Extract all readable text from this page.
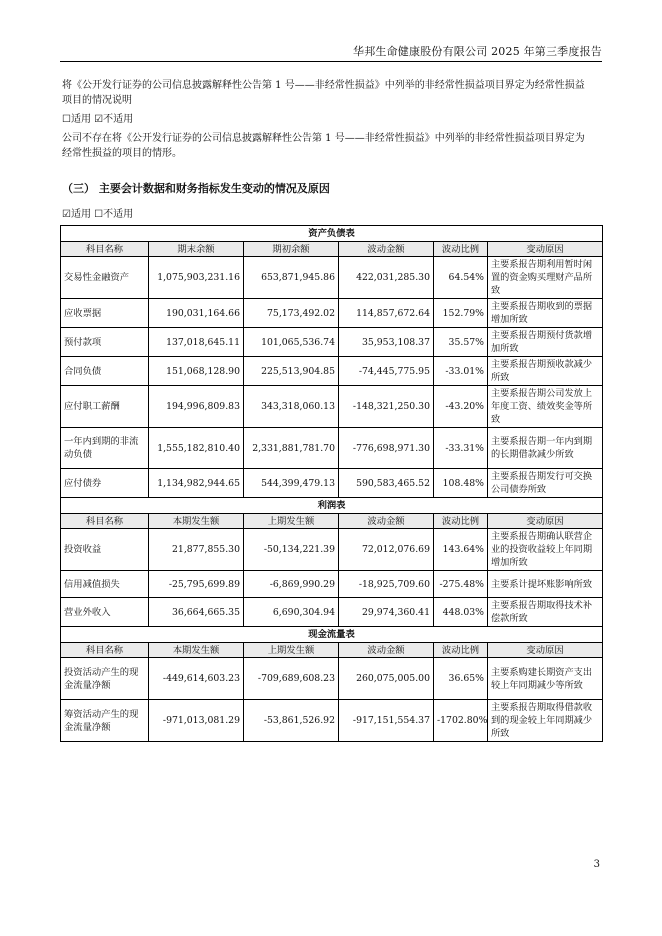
华邦生命健康股份有限公司 2025 年第三季度报告
将《公开发行证券的公司信息披露解释性公告第 1 号——非经常性损益》中列举的非经常性损益项目界定为经常性损益
项目的情况说明
☐适用 ☑不适用
公司不存在将《公开发行证券的公司信息披露解释性公告第 1 号——非经常性损益》中列举的非经常性损益项目界定为
经常性损益的项目的情形。
（三） 主要会计数据和财务指标发生变动的情况及原因
☑适用 ☐不适用
资产负债表					
科目名称	期末余额	期初余额	波动金额	波动比例	变动原因
交易性金融资产	1,075,903,231.16	653,871,945.86	422,031,285.30	64.54%	主要系报告期利用暂时闲置的资金购买理财产品所致
应收票据	190,031,164.66	75,173,492.02	114,857,672.64	152.79%	主要系报告期收到的票据增加所致
预付款项	137,018,645.11	101,065,536.74	35,953,108.37	35.57%	主要系报告期预付货款增加所致
合同负债	151,068,128.90	225,513,904.85	-74,445,775.95	-33.01%	主要系报告期预收款减少所致
应付职工薪酬	194,996,809.83	343,318,060.13	-148,321,250.30	-43.20%	主要系报告期公司发放上年度工资、绩效奖金等所致
一年内到期的非流动负债	1,555,182,810.40	2,331,881,781.70	-776,698,971.30	-33.31%	主要系报告期一年内到期的长期借款减少所致
应付债券	1,134,982,944.65	544,399,479.13	590,583,465.52	108.48%	主要系报告期发行可交换公司债券所致
利润表					
科目名称	本期发生额	上期发生额	波动金额	波动比例	变动原因
投资收益	21,877,855.30	-50,134,221.39	72,012,076.69	143.64%	主要系报告期确认联营企业的投资收益较上年同期增加所致
信用减值损失	-25,795,699.89	-6,869,990.29	-18,925,709.60	-275.48%	主要系计提坏账影响所致
营业外收入	36,664,665.35	6,690,304.94	29,974,360.41	448.03%	主要系报告期取得技术补偿款所致
现金流量表					
科目名称	本期发生额	上期发生额	波动金额	波动比例	变动原因
投资活动产生的现金流量净额	-449,614,603.23	-709,689,608.23	260,075,005.00	36.65%	主要系购建长期资产支出较上年同期减少等所致
筹资活动产生的现金流量净额	-971,013,081.29	-53,861,526.92	-917,151,554.37	-1702.80%	主要系报告期取得借款收到的现金较上年同期减少所致
3
